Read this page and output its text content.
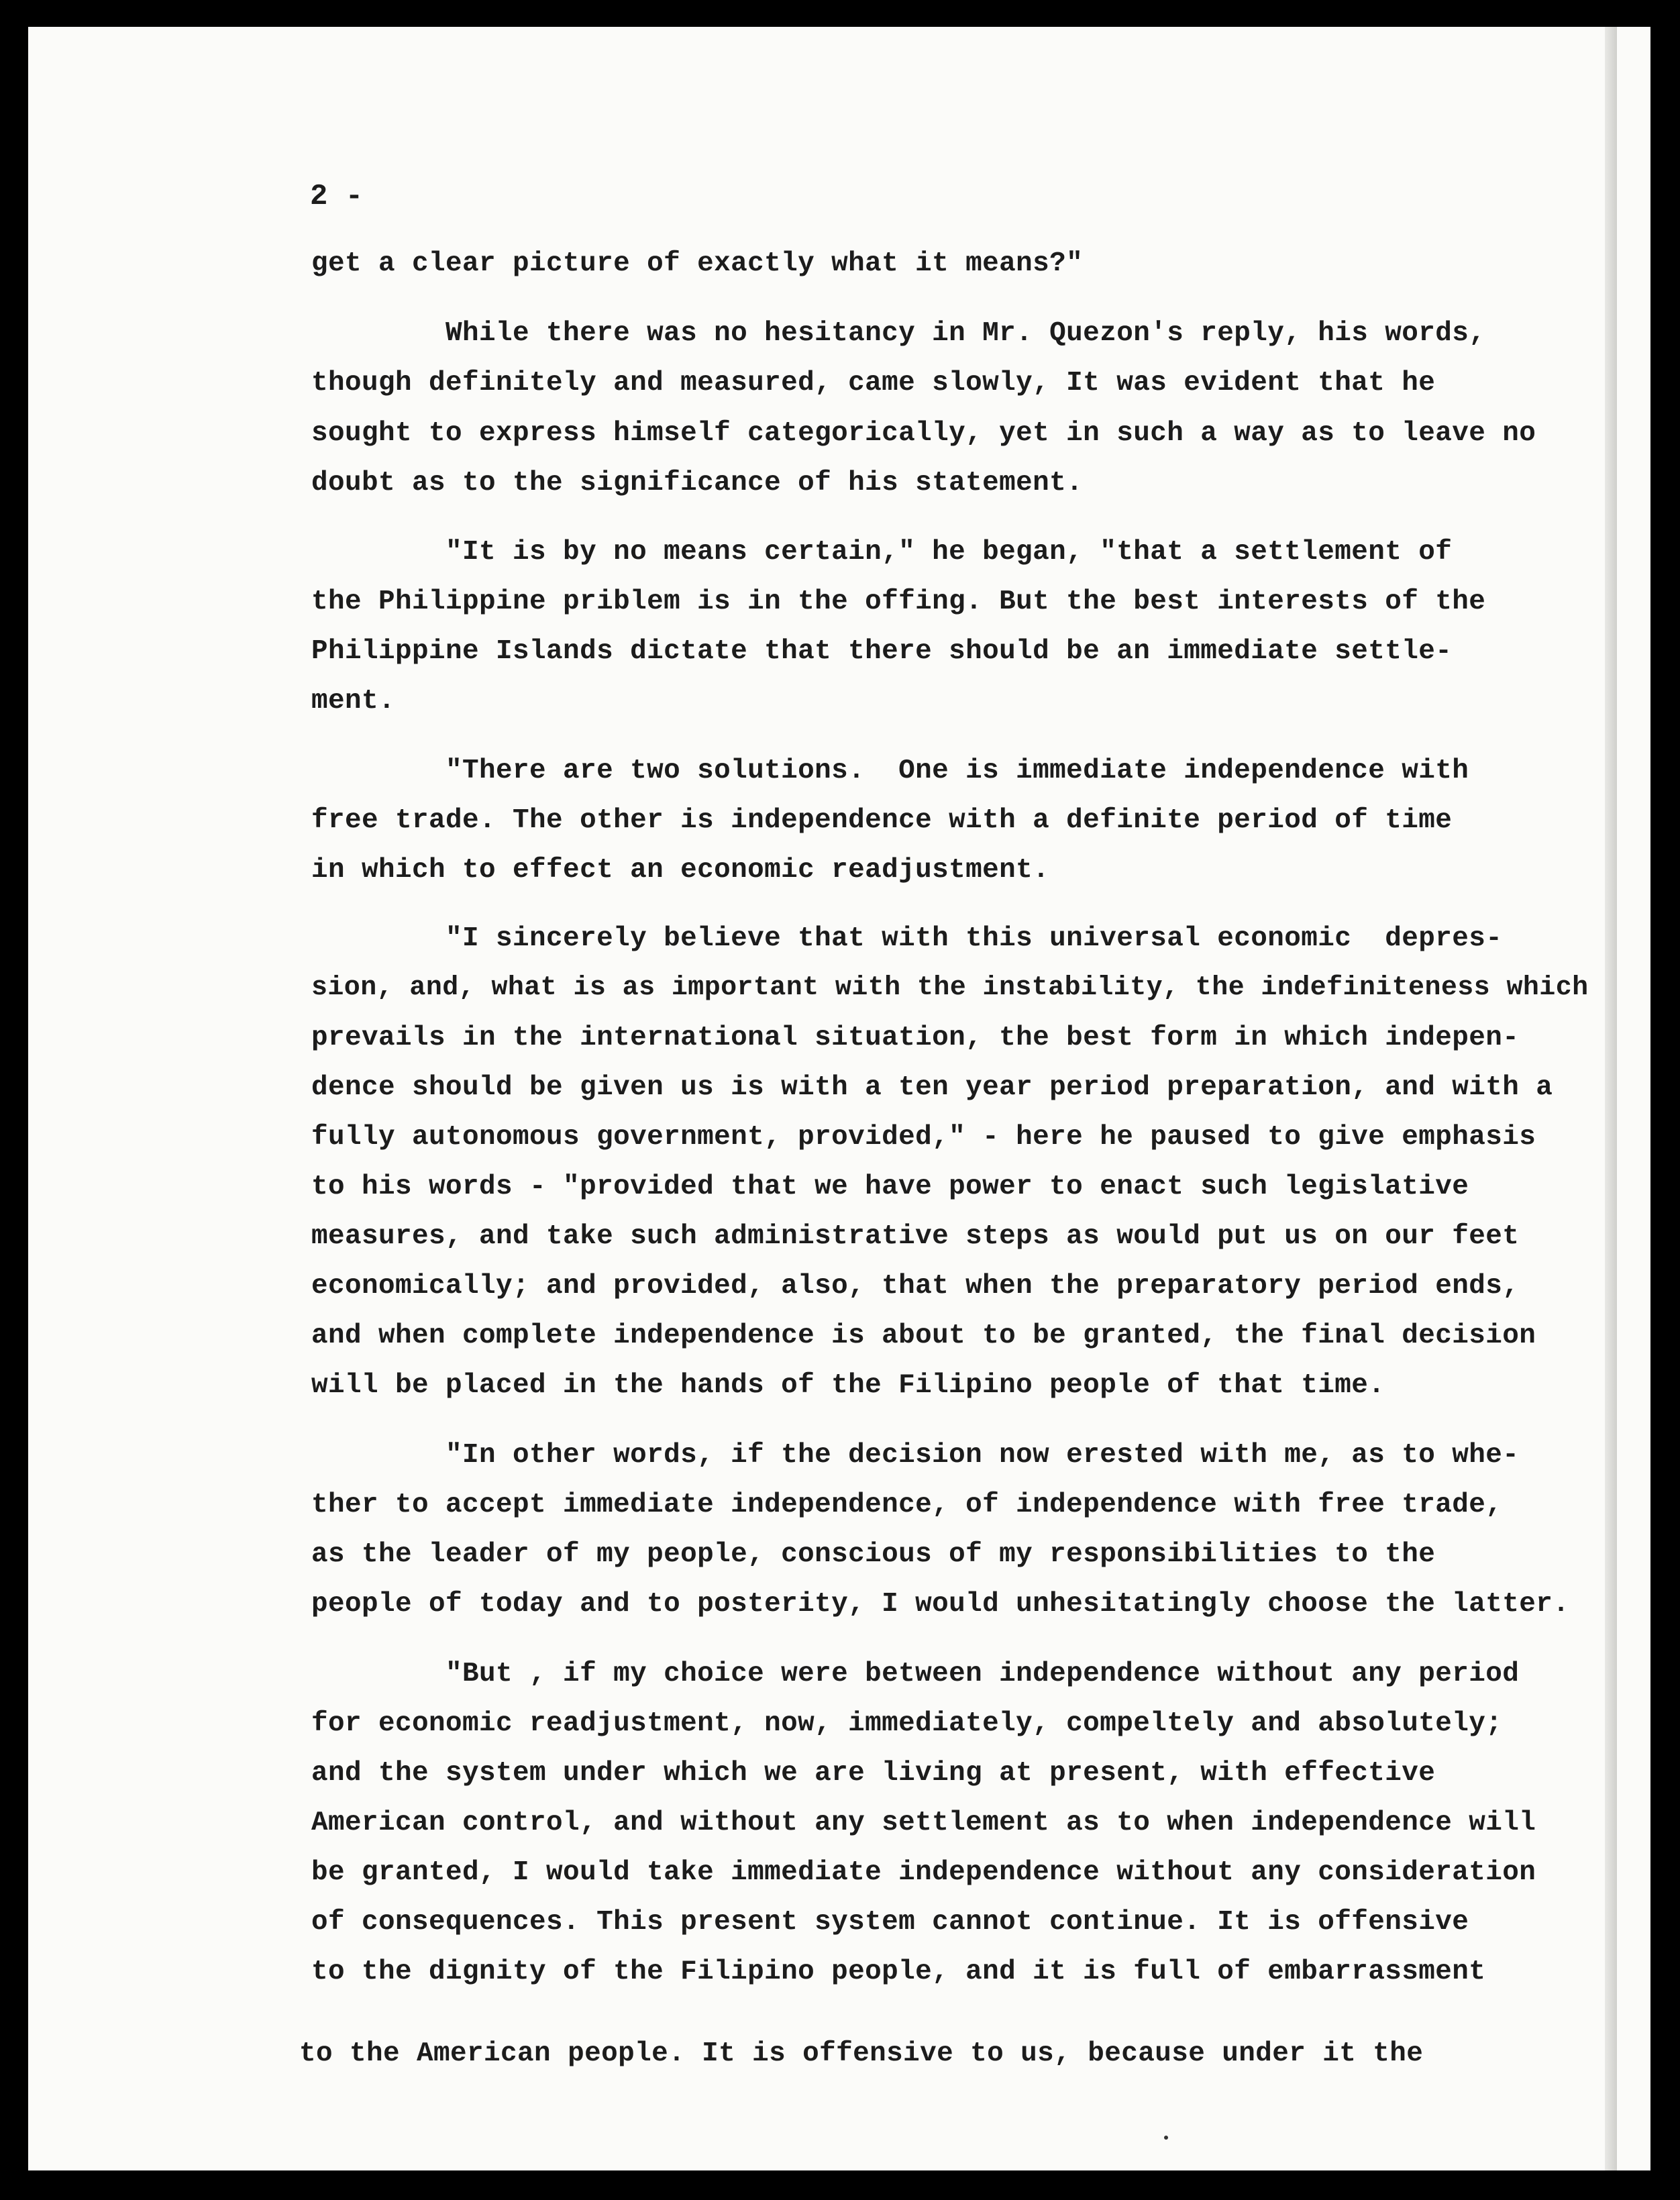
2 -
get a clear picture of exactly what it means?"
While there was no hesitancy in Mr. Quezon's reply, his words,
though definitely and measured, came slowly, It was evident that he
sought to express himself categorically, yet in such a way as to leave no
doubt as to the significance of his statement.
"It is by no means certain," he began, "that a settlement of
the Philippine priblem is in the offing. But the best interests of the
Philippine Islands dictate that there should be an immediate settle-
ment.
"There are two solutions.  One is immediate independence with
free trade. The other is independence with a definite period of time
in which to effect an economic readjustment.
"I sincerely believe that with this universal economic  depres-
sion, and, what is as important with the instability, the indefiniteness which
prevails in the international situation, the best form in which indepen-
dence should be given us is with a ten year period preparation, and with a
fully autonomous government, provided," - here he paused to give emphasis
to his words - "provided that we have power to enact such legislative
measures, and take such administrative steps as would put us on our feet
economically; and provided, also, that when the preparatory period ends,
and when complete independence is about to be granted, the final decision
will be placed in the hands of the Filipino people of that time.
"In other words, if the decision now erested with me, as to whe-
ther to accept immediate independence, of independence with free trade,
as the leader of my people, conscious of my responsibilities to the
people of today and to posterity, I would unhesitatingly choose the latter.
"But , if my choice were between independence without any period
for economic readjustment, now, immediately, compeltely and absolutely;
and the system under which we are living at present, with effective
American control, and without any settlement as to when independence will
be granted, I would take immediate independence without any consideration
of consequences. This present system cannot continue. It is offensive
to the dignity of the Filipino people, and it is full of embarrassment
to the American people. It is offensive to us, because under it the
